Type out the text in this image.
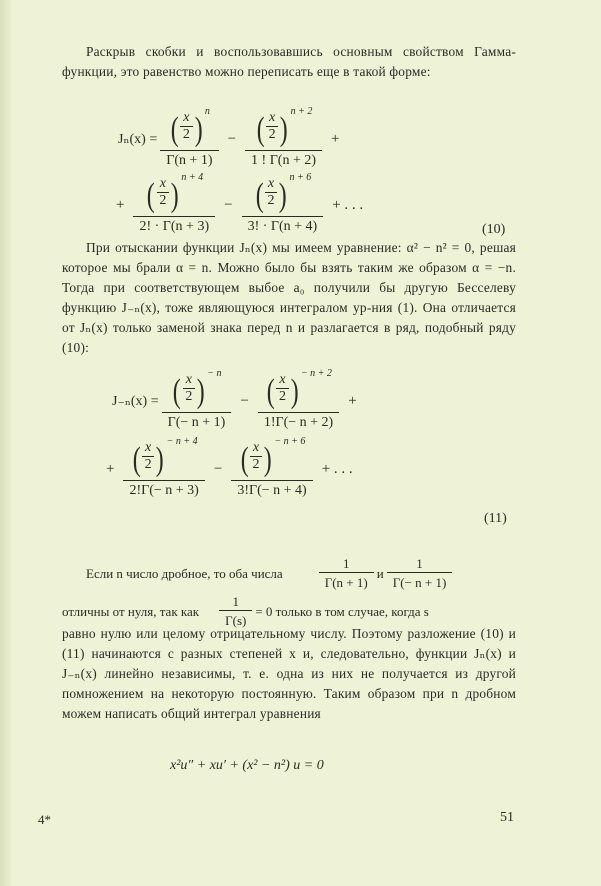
Раскрыв скобки и воспользовавшись основным свойством Гамма-функции, это равенство можно переписать еще в такой форме:
Jₙ(x) = ( x
2 ) n
Γ(n + 1) − ( x
2 ) n + 2
1 ! Γ(n + 2) +
+ ( x
2 ) n + 4
2! · Γ(n + 3) − ( x
2 ) n + 6
3! · Γ(n + 4) + . . .
(10)
При отыскании функции Jₙ(x) мы имеем уравнение: α² − n² = 0, решая которое мы брали α = n. Можно было бы взять таким же образом α = −n. Тогда при соответствующем выбое a₀ получили бы другую Бесселеву функцию J₋ₙ(x), тоже являющуюся интегралом ур-ния (1). Она отличается от Jₙ(x) только заменой знака перед n и разлагается в ряд, подобный ряду (10):
J₋ₙ(x) = ( x
2 ) − n
Γ(− n + 1) − ( x
2 ) − n + 2
1!Γ(− n + 2) +
+ ( x
2 ) − n + 4
2!Γ(− n + 3) − ( x
2 ) − n + 6
3!Γ(− n + 4) + . . .
(11)
Если n число дробное, то оба числа	$\frac{1}{\Gamma(n + 1)}$ и $\frac{1}{\Gamma(- n + 1)}$
отличны от нуля, так как $\frac{1}{\Gamma(s)} = 0$ только в том случае, когда s
равно нулю или целому отрицательному числу. Поэтому разложение (10) и (11) начинаются с разных степеней x и, следовательно, функции Jₙ(x) и J₋ₙ(x) линейно независимы, т. е. одна из них не получается из другой помножением на некоторую постоянную. Таким образом при n дробном можем написать общий интеграл уравнения
x²u″ + xu′ + (x² − n²) u = 0
4*	51
